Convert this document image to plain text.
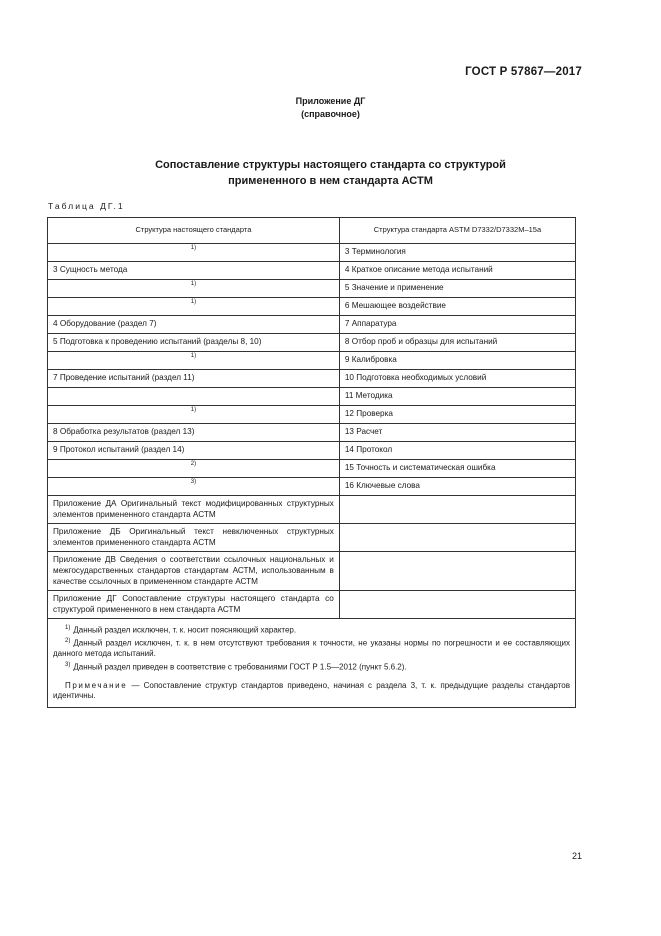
ГОСТ Р 57867—2017
Приложение ДГ
(справочное)
Сопоставление структуры настоящего стандарта со структурой
примененного в нем стандарта АСТМ
Таблица ДГ.1
Структура настоящего стандарта	Структура стандарта ASTM D7332/D7332M–15a
1)	3 Терминология
3 Сущность метода	4 Краткое описание метода испытаний
1)	5 Значение и применение
1)	6 Мешающее воздействие
4 Оборудование (раздел 7)	7 Аппаратура
5 Подготовка к проведению испытаний (разделы 8, 10)	8 Отбор проб и образцы для испытаний
1)	9 Калибровка
7 Проведение испытаний (раздел 11)	10 Подготовка необходимых условий
	11 Методика
1)	12 Проверка
8 Обработка результатов (раздел 13)	13 Расчет
9 Протокол испытаний (раздел 14)	14 Протокол
2)	15 Точность и систематическая ошибка
3)	16 Ключевые слова
Приложение ДА Оригинальный текст модифицированных структурных элементов примененного стандарта АСТМ	
Приложение ДБ Оригинальный текст невключенных структурных элементов примененного стандарта АСТМ	
Приложение ДВ Сведения о соответствии ссылочных национальных и межгосударственных стандартов стандартам АСТМ, использованным в качестве ссылочных в примененном стандарте АСТМ	
Приложение ДГ Сопоставление структуры настоящего стандарта со структурой примененного в нем стандарта АСТМ	

$^{1)}$ Данный раздел исключен, т. к. носит поясняющий характер.
$^{2)}$ Данный раздел исключен, т. к. в нем отсутствуют требования к точности, не указаны нормы по погрешности и ее составляющих данного метода испытаний.
$^{3)}$ Данный раздел приведен в соответствие с требованиями ГОСТ Р 1.5—2012 (пункт 5.6.2).
Примечание — Сопоставление структур стандартов приведено, начиная с раздела 3, т. к. предыдущие разделы стандартов идентичны.	
21
